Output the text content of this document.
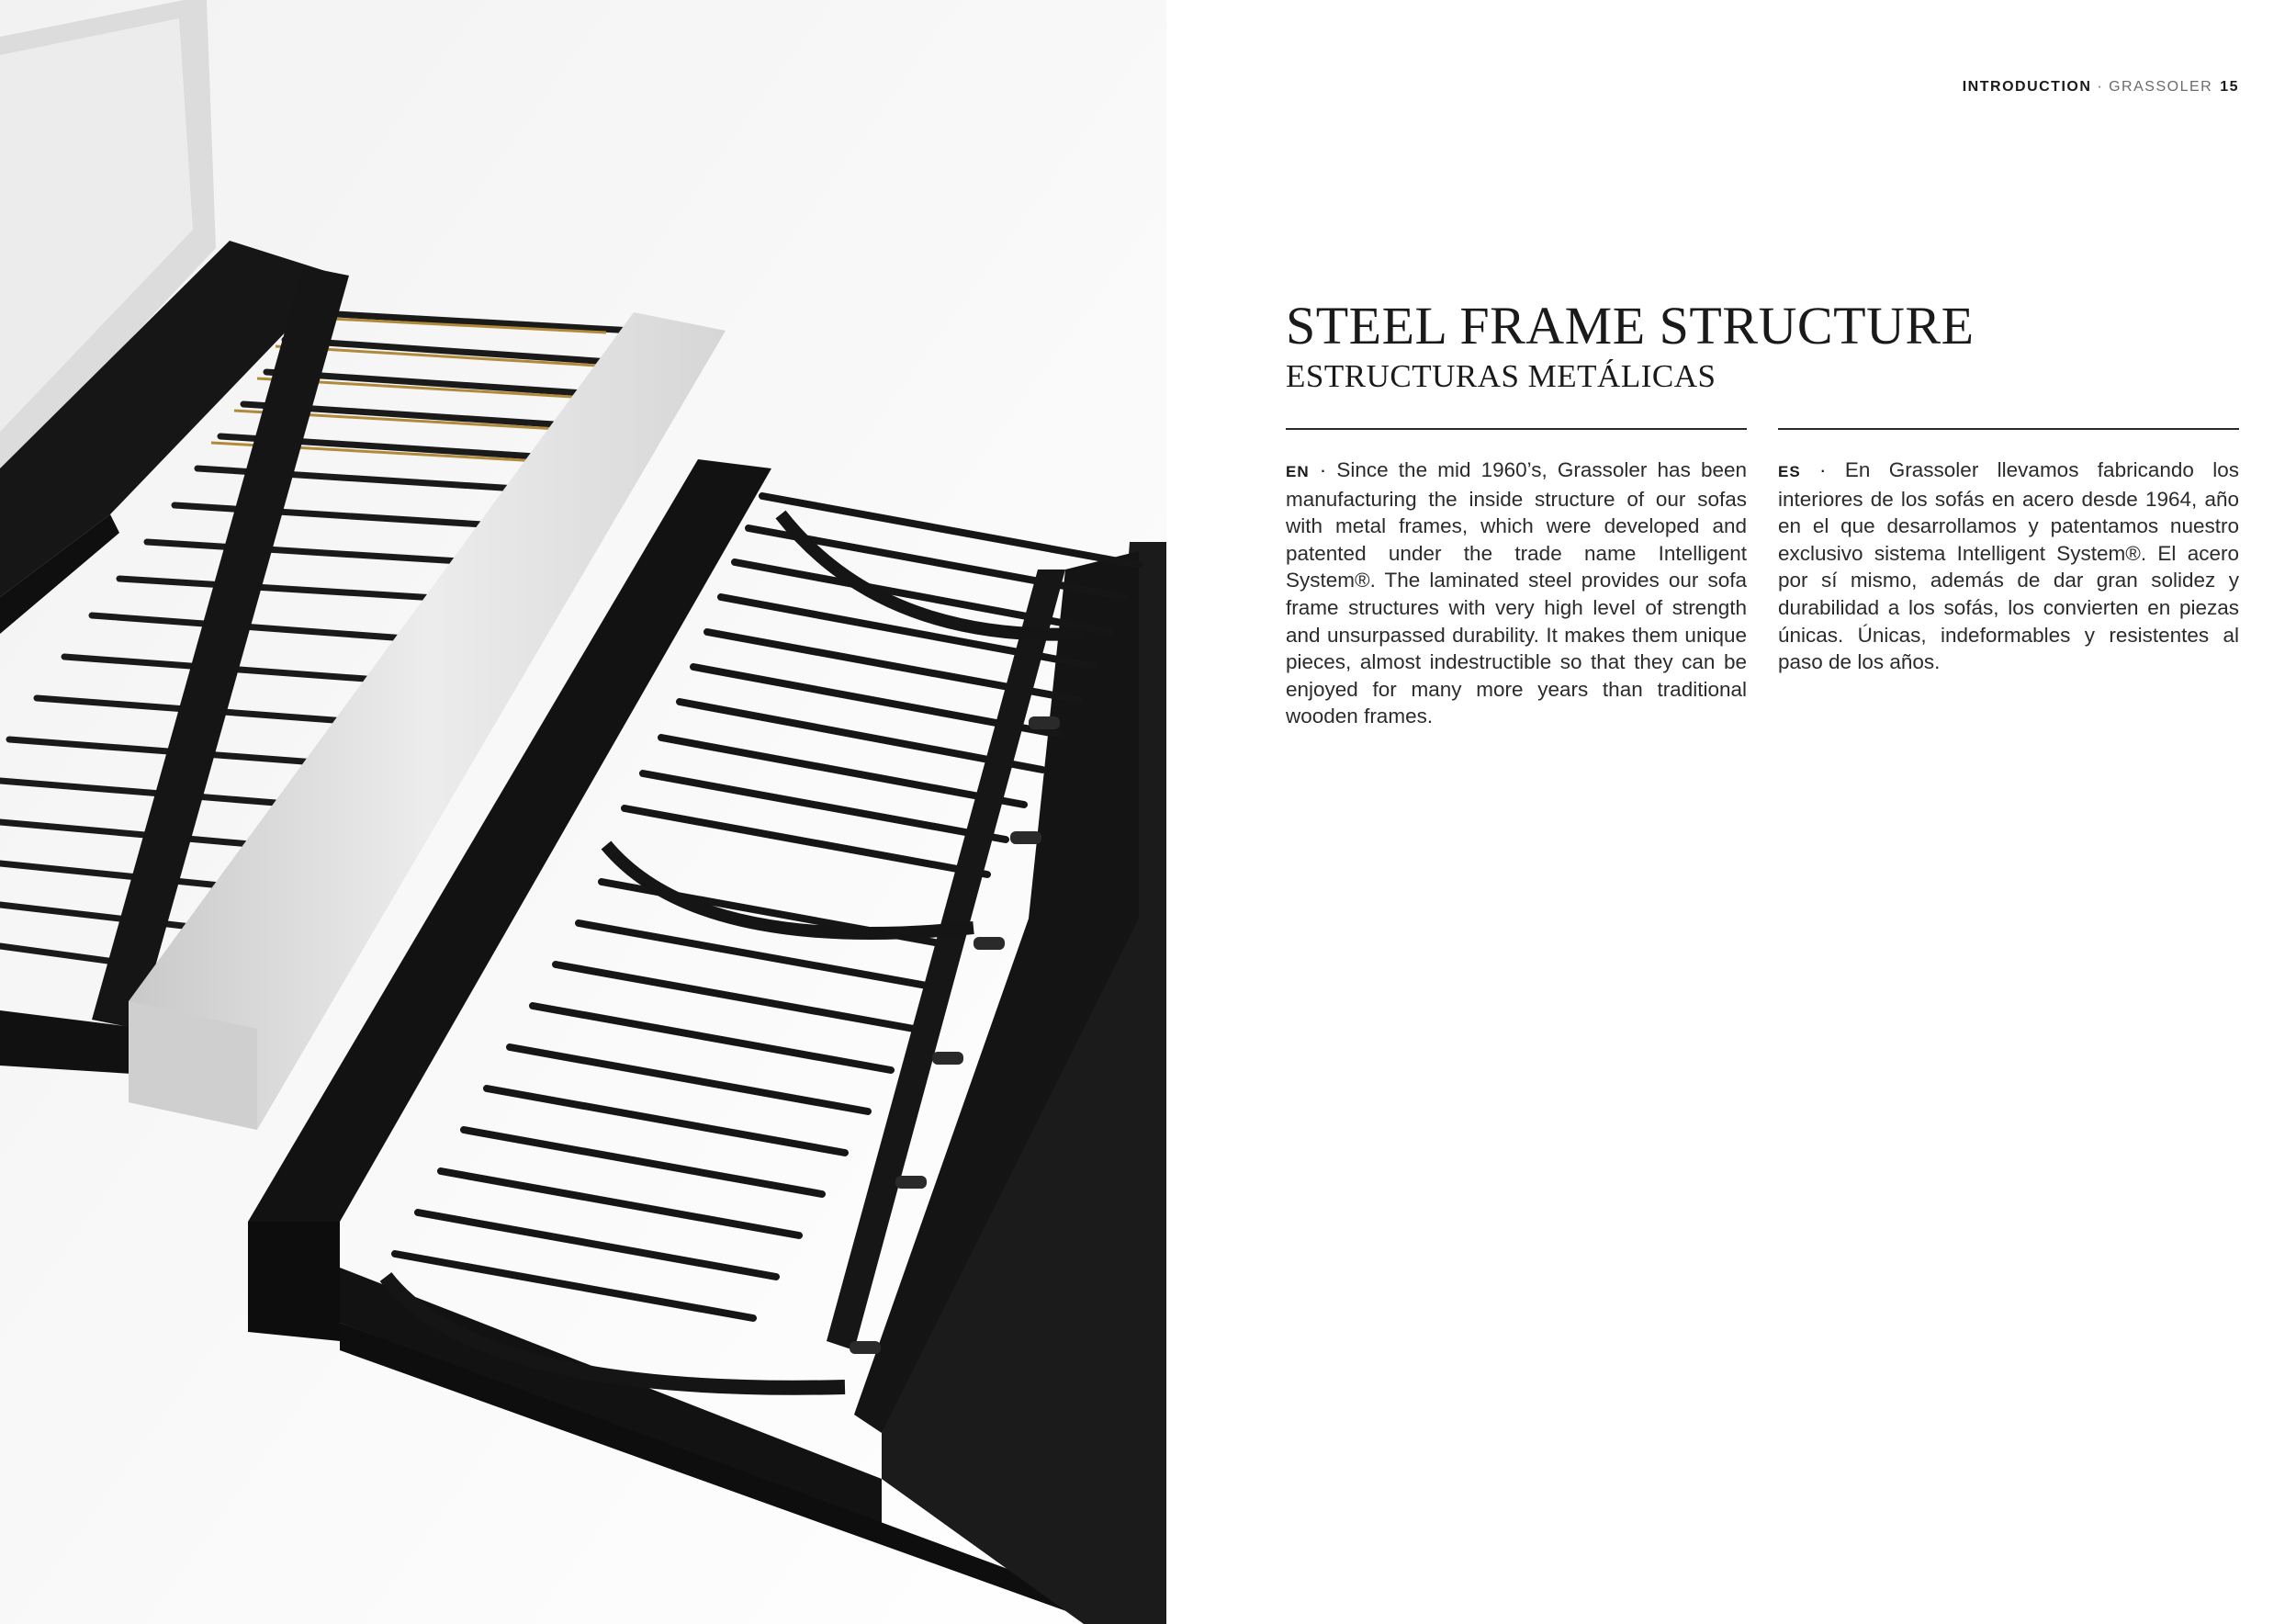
INTRODUCTION · GRASSOLER 15
STEEL FRAME STRUCTURE
ESTRUCTURAS METÁLICAS

EN · Since the mid 1960’s, Grassoler has been manufacturing the inside structure of our sofas with metal frames, which were developed and patented under the trade name Intelligent System®. The laminated steel provides our sofa frame structures with very high level of strength and unsurpassed durability. It makes them unique pieces, almost indestructible so that they can be enjoyed for many more years than traditional wooden frames.

ES · En Grassoler llevamos fabricando los interiores de los sofás en acero desde 1964, año en el que desarrollamos y patentamos nuestro exclusivo sistema Intelligent System®. El acero por sí mismo, además de dar gran solidez y durabilidad a los sofás, los convierten en piezas únicas. Únicas, indeformables y resistentes al paso de los años.
